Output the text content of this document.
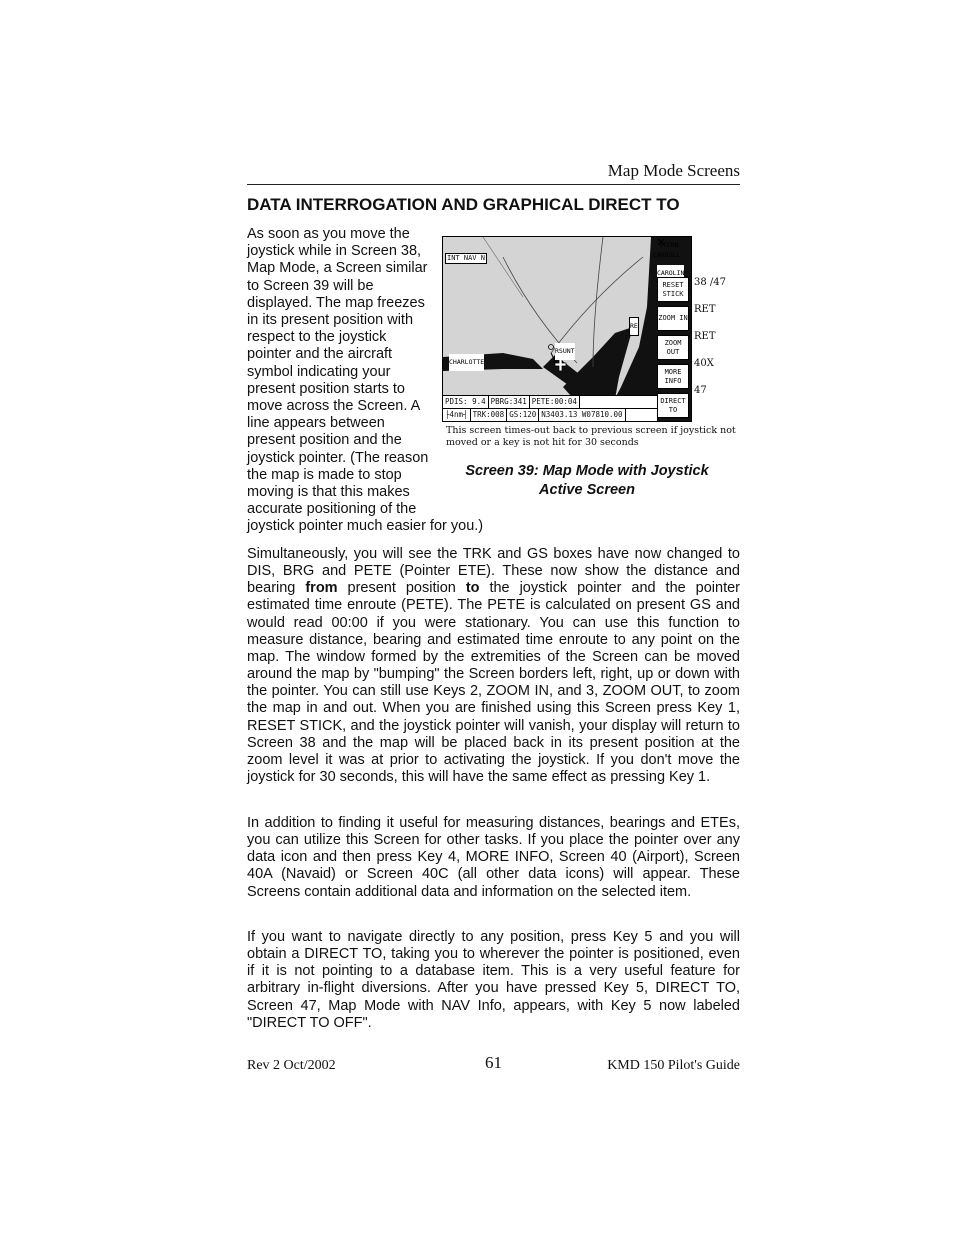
Map Mode Screens
DATA INTERROGATION AND GRAPHICAL DIRECT TO
INT NAV N
STERN
CARROLL
CAROLIN
RSUNT
CHARLOTTE
RE
RESET STICK
ZOOM IN
ZOOM OUT
MORE INFO
DIRECT TO
PDIS: 9.4 PBRG:341 PETE:00:04
├4nm┤ TRK:008 GS:120 N3403.13 W07810.00
38 /47
RET
RET
40X
47
This screen times-out back to previous screen if joystick not moved or a key is not hit for 30 seconds
Screen 39: Map Mode with Joystick
Active Screen
As soon as you move the joystick while in Screen 38, Map Mode, a Screen similar to Screen 39 will be displayed. The map freezes in its present position with respect to the joystick pointer and the aircraft symbol indicating your present position starts to move across the Screen. A line appears between present position and the joystick pointer. (The reason the map is made to stop moving is that this makes accurate positioning of the joystick pointer much easier for you.)

Simultaneously, you will see the TRK and GS boxes have now changed to DIS, BRG and PETE (Pointer ETE). These now show the distance and bearing from present position to the joystick pointer and the pointer estimated time enroute (PETE). The PETE is calculated on present GS and would read 00:00 if you were stationary. You can use this function to measure distance, bearing and estimated time enroute to any point on the map. The window formed by the extremities of the Screen can be moved around the map by "bumping" the Screen borders left, right, up or down with the pointer. You can still use Keys 2, ZOOM IN, and 3, ZOOM OUT, to zoom the map in and out. When you are finished using this Screen press Key 1, RESET STICK, and the joystick pointer will vanish, your display will return to Screen 38 and the map will be placed back in its present position at the zoom level it was at prior to activating the joystick. If you don't move the joystick for 30 seconds, this will have the same effect as pressing Key 1.

In addition to finding it useful for measuring distances, bearings and ETEs, you can utilize this Screen for other tasks. If you place the pointer over any data icon and then press Key 4, MORE INFO, Screen 40 (Airport), Screen 40A (Navaid) or Screen 40C (all other data icons) will appear. These Screens contain additional data and information on the selected item.

If you want to navigate directly to any position, press Key 5 and you will obtain a DIRECT TO, taking you to wherever the pointer is positioned, even if it is not pointing to a database item. This is a very useful feature for arbitrary in-flight diversions. After you have pressed Key 5, DIRECT TO, Screen 47, Map Mode with NAV Info, appears, with Key 5 now labeled "DIRECT TO OFF".

Rev 2 Oct/2002	61	KMD 150 Pilot's Guide
